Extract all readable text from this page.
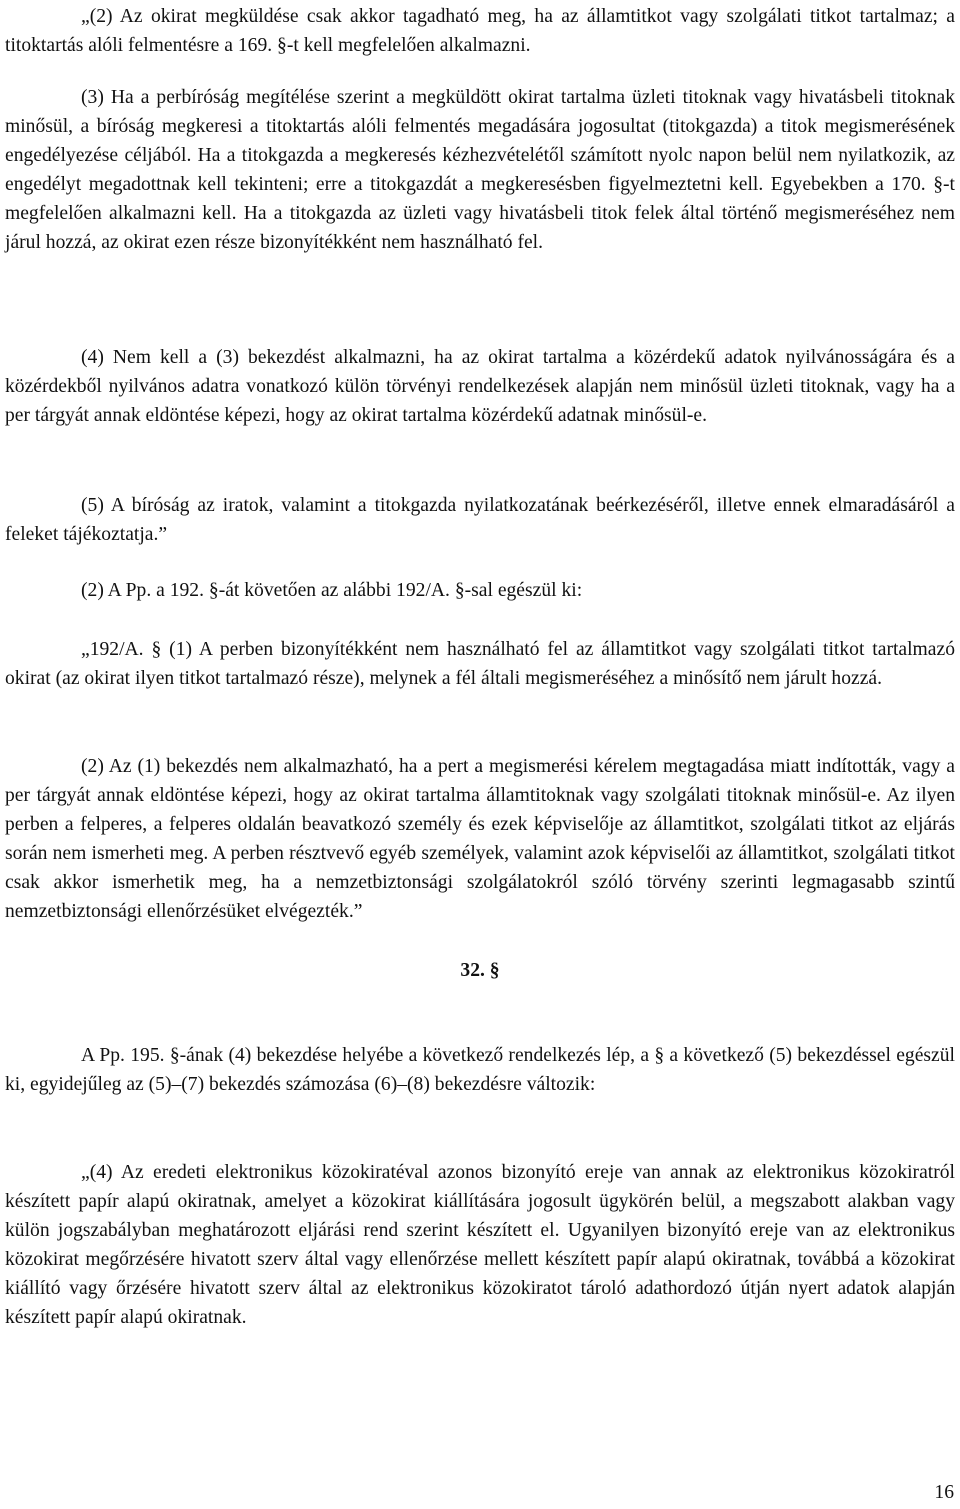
„(2) Az okirat megküldése csak akkor tagadható meg, ha az államtitkot vagy szolgálati titkot tartalmaz; a titoktartás alóli felmentésre a 169. §-t kell megfelelően alkalmazni.

(3) Ha a perbíróság megítélése szerint a megküldött okirat tartalma üzleti titoknak vagy hivatásbeli titoknak minősül, a bíróság megkeresi a titoktartás alóli felmentés megadására jogosultat (titokgazda) a titok megismerésének engedélyezése céljából. Ha a titokgazda a megkeresés kézhezvételétől számított nyolc napon belül nem nyilatkozik, az engedélyt megadottnak kell tekinteni; erre a titokgazdát a megkeresésben figyelmeztetni kell. Egyebekben a 170. §-t megfelelően alkalmazni kell. Ha a titokgazda az üzleti vagy hivatásbeli titok felek által történő megismeréséhez nem járul hozzá, az okirat ezen része bizonyítékként nem használható fel.

(4) Nem kell a (3) bekezdést alkalmazni, ha az okirat tartalma a közérdekű adatok nyilvánosságára és a közérdekből nyilvános adatra vonatkozó külön törvényi rendelkezések alapján nem minősül üzleti titoknak, vagy ha a per tárgyát annak eldöntése képezi, hogy az okirat tartalma közérdekű adatnak minősül-e.

(5) A bíróság az iratok, valamint a titokgazda nyilatkozatának beérkezéséről, illetve ennek elmaradásáról a feleket tájékoztatja.”

(2) A Pp. a 192. §-át követően az alábbi 192/A. §-sal egészül ki:

„192/A. § (1) A perben bizonyítékként nem használható fel az államtitkot vagy szolgálati titkot tartalmazó okirat (az okirat ilyen titkot tartalmazó része), melynek a fél általi megismeréséhez a minősítő nem járult hozzá.

(2) Az (1) bekezdés nem alkalmazható, ha a pert a megismerési kérelem megtagadása miatt indították, vagy a per tárgyát annak eldöntése képezi, hogy az okirat tartalma államtitoknak vagy szolgálati titoknak minősül-e. Az ilyen perben a felperes, a felperes oldalán beavatkozó személy és ezek képviselője az államtitkot, szolgálati titkot az eljárás során nem ismerheti meg. A perben résztvevő egyéb személyek, valamint azok képviselői az államtitkot, szolgálati titkot csak akkor ismerhetik meg, ha a nemzetbiztonsági szolgálatokról szóló törvény szerinti legmagasabb szintű nemzetbiztonsági ellenőrzésüket elvégezték.”

32. §

A Pp. 195. §-ának (4) bekezdése helyébe a következő rendelkezés lép, a § a következő (5) bekezdéssel egészül ki, egyidejűleg az (5)–(7) bekezdés számozása (6)–(8) bekezdésre változik:

„(4) Az eredeti elektronikus közokiratéval azonos bizonyító ereje van annak az elektronikus közokiratról készített papír alapú okiratnak, amelyet a közokirat kiállítására jogosult ügykörén belül, a megszabott alakban vagy külön jogszabályban meghatározott eljárási rend szerint készített el. Ugyanilyen bizonyító ereje van az elektronikus közokirat megőrzésére hivatott szerv által vagy ellenőrzése mellett készített papír alapú okiratnak, továbbá a közokirat kiállító vagy őrzésére hivatott szerv által az elektronikus közokiratot tároló adathordozó útján nyert adatok alapján készített papír alapú okiratnak.

16
